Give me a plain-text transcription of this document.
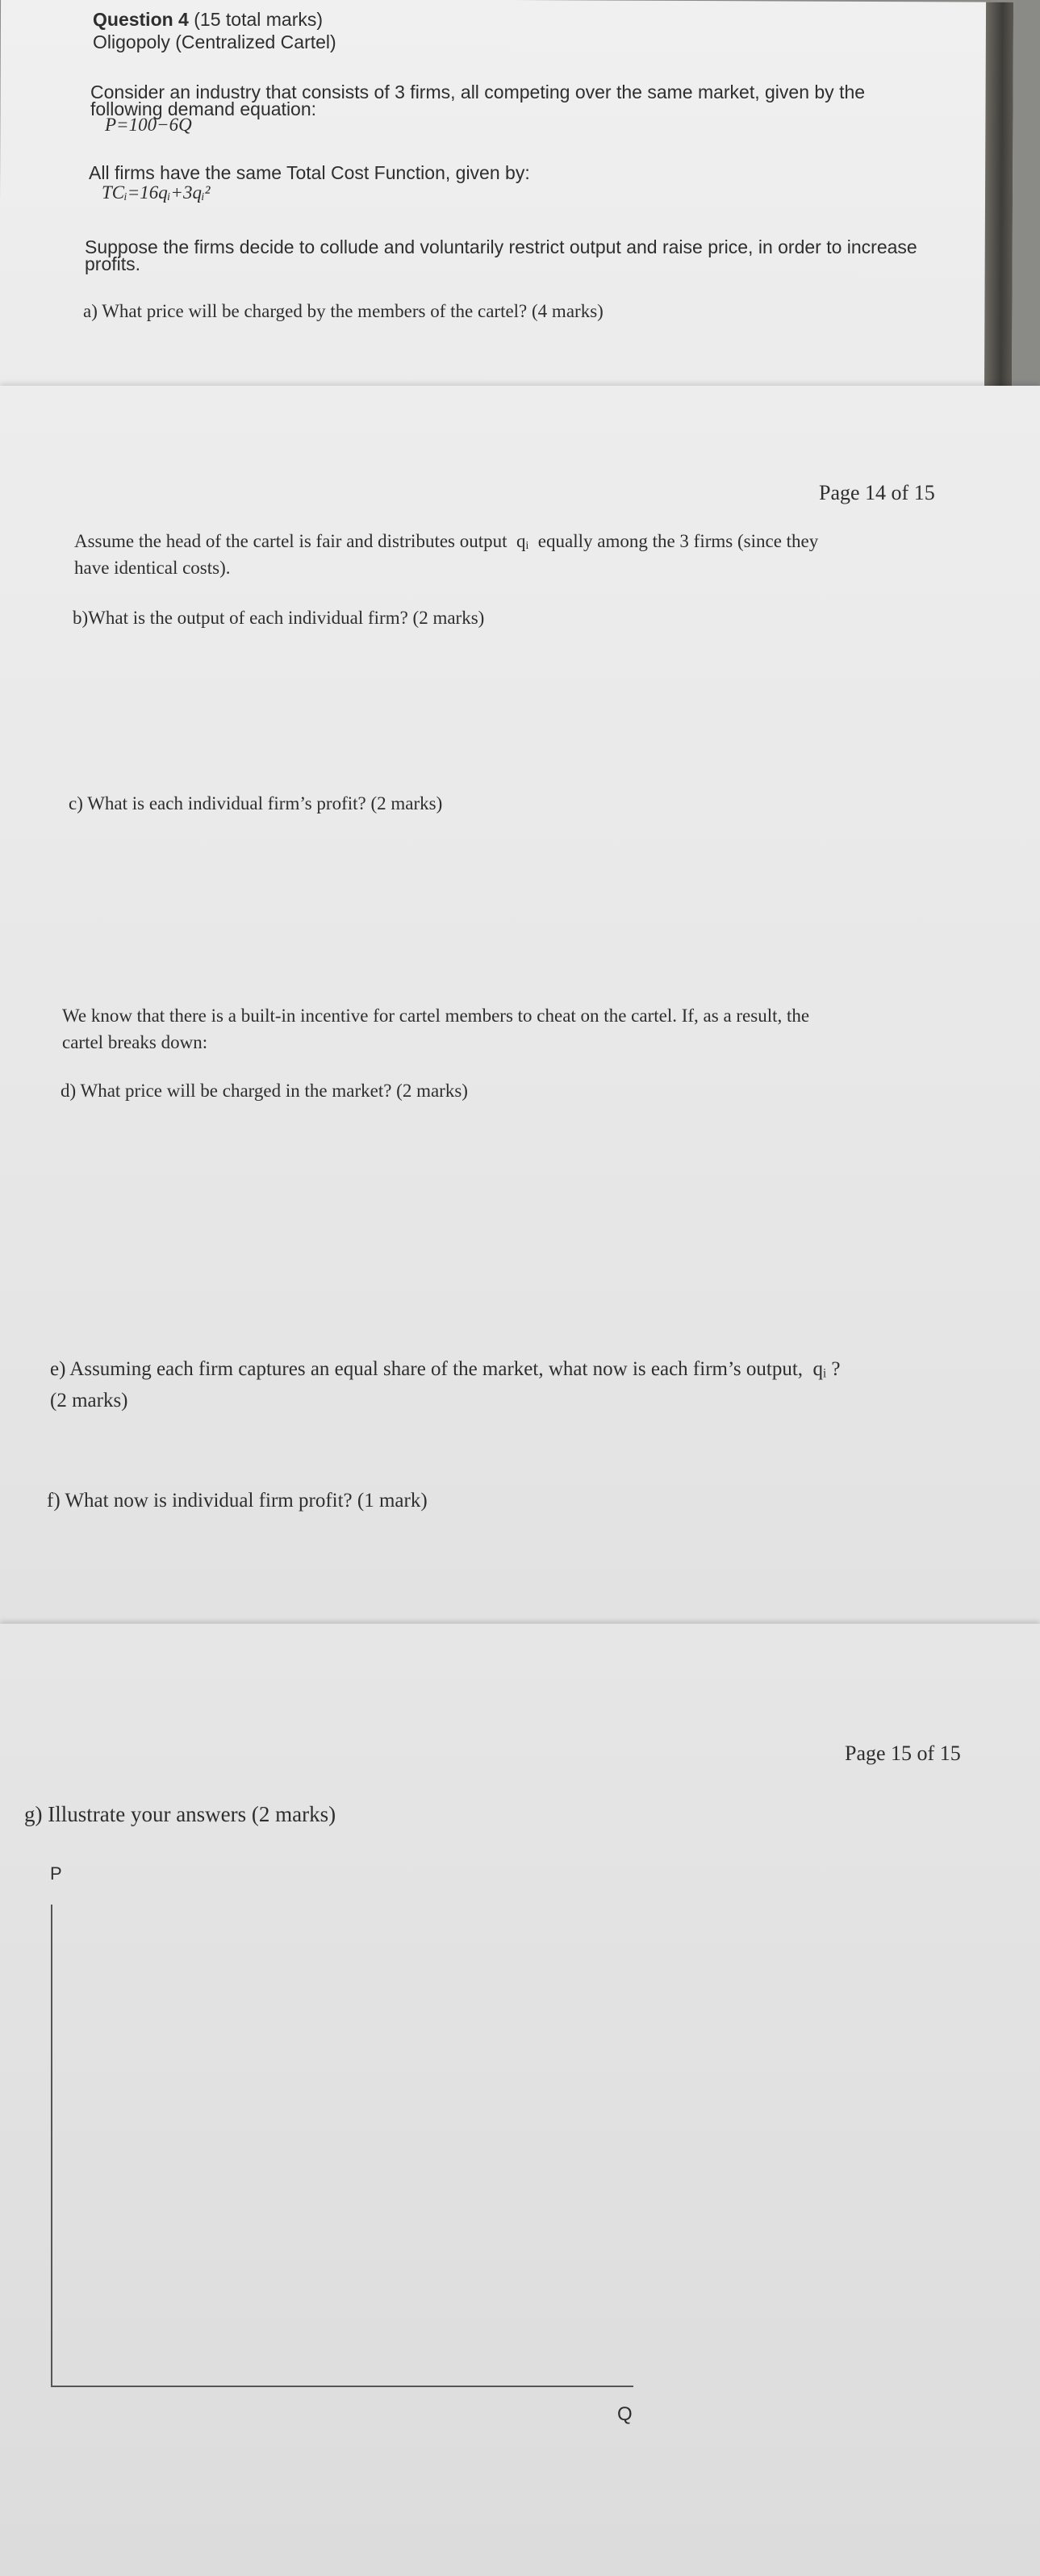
Question 4 (15 total marks)

Oligopoly (Centralized Cartel)

Consider an industry that consists of 3 firms, all competing over the same market, given by the

following demand equation:

P=100−6Q

All firms have the same Total Cost Function, given by:

TCᵢ=16qᵢ+3qᵢ²

Suppose the firms decide to collude and voluntarily restrict output and raise price, in order to increase

profits.

a) What price will be charged by the members of the cartel? (4 marks)

Page 14 of 15

Assume the head of the cartel is fair and distributes output  qᵢ  equally among the 3 firms (since they

have identical costs).

b)What is the output of each individual firm? (2 marks)

c) What is each individual firm’s profit? (2 marks)

We know that there is a built-in incentive for cartel members to cheat on the cartel. If, as a result, the

cartel breaks down:

d) What price will be charged in the market? (2 marks)

e) Assuming each firm captures an equal share of the market, what now is each firm’s output,  qᵢ ?

(2 marks)

f) What now is individual firm profit? (1 mark)

Page 15 of 15

g) Illustrate your answers (2 marks)

P

Q
